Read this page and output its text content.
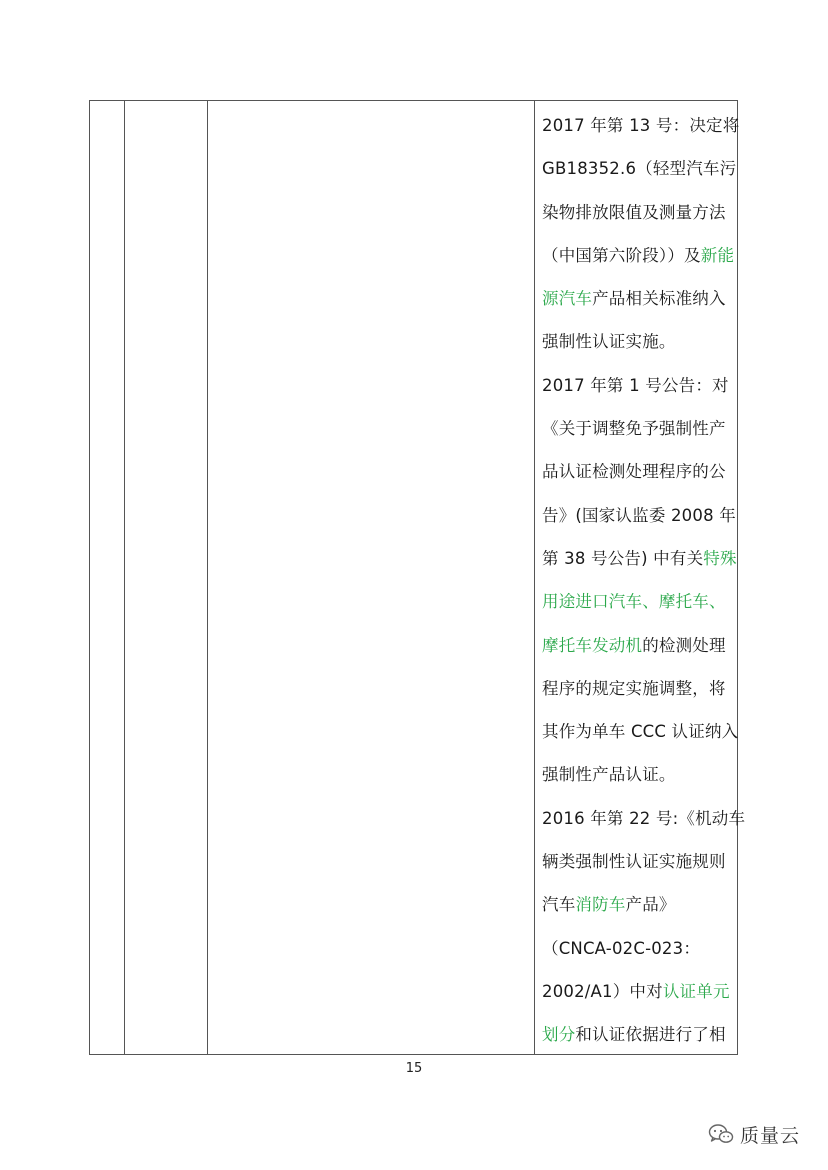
2017 年第 13 号：决定将
GB18352.6（轻型汽车污
染物排放限值及测量方法
（中国第六阶段））及新能
源汽车产品相关标准纳入
强制性认证实施。
2017 年第 1 号公告：对
《关于调整免予强制性产
品认证检测处理程序的公
告》(国家认监委 2008 年
第 38 号公告) 中有关特殊
用途进口汽车、摩托车、
摩托车发动机的检测处理
程序的规定实施调整，将
其作为单车 CCC 认证纳入
强制性产品认证。
2016 年第 22 号:《机动车
辆类强制性认证实施规则
汽车消防车产品》
（CNCA-02C-023：
2002/A1）中对认证单元
划分和认证依据进行了相
15
质量云
